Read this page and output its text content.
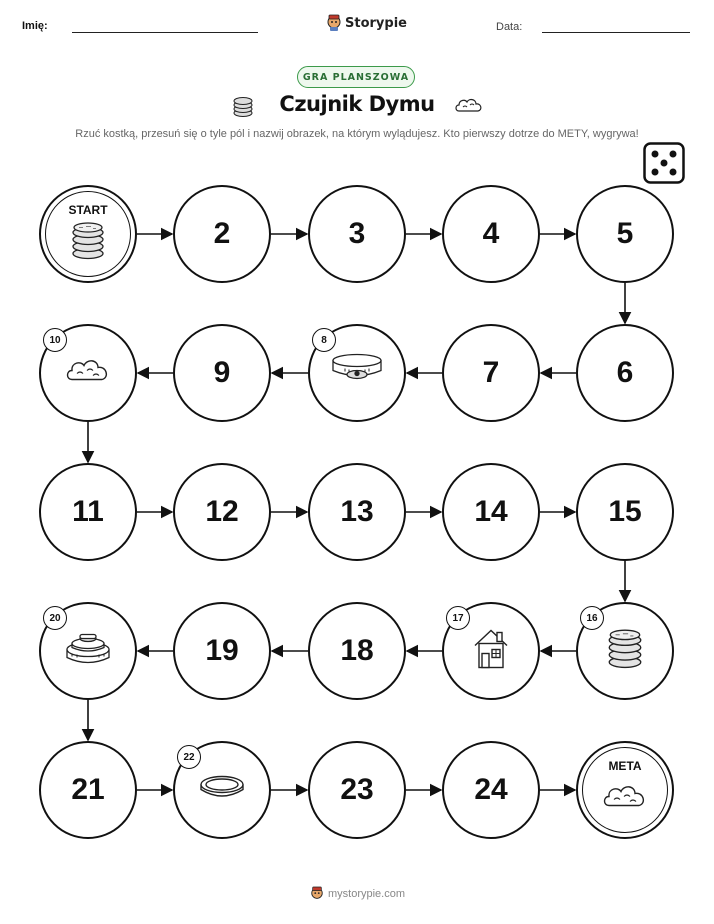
Imię:	Storypie	Data:
GRA PLANSZOWA
Czujnik Dymu
Rzuć kostką, przesuń się o tyle pól i nazwij obrazek, na którym wylądujesz. Kto pierwszy dotrze do METY, wygrywa!
START
2	3	4	5
6
7
8
9
10
11	12	13	14	15
16
17
18
19
20
21
22
23	24
META
mystorypie.com
